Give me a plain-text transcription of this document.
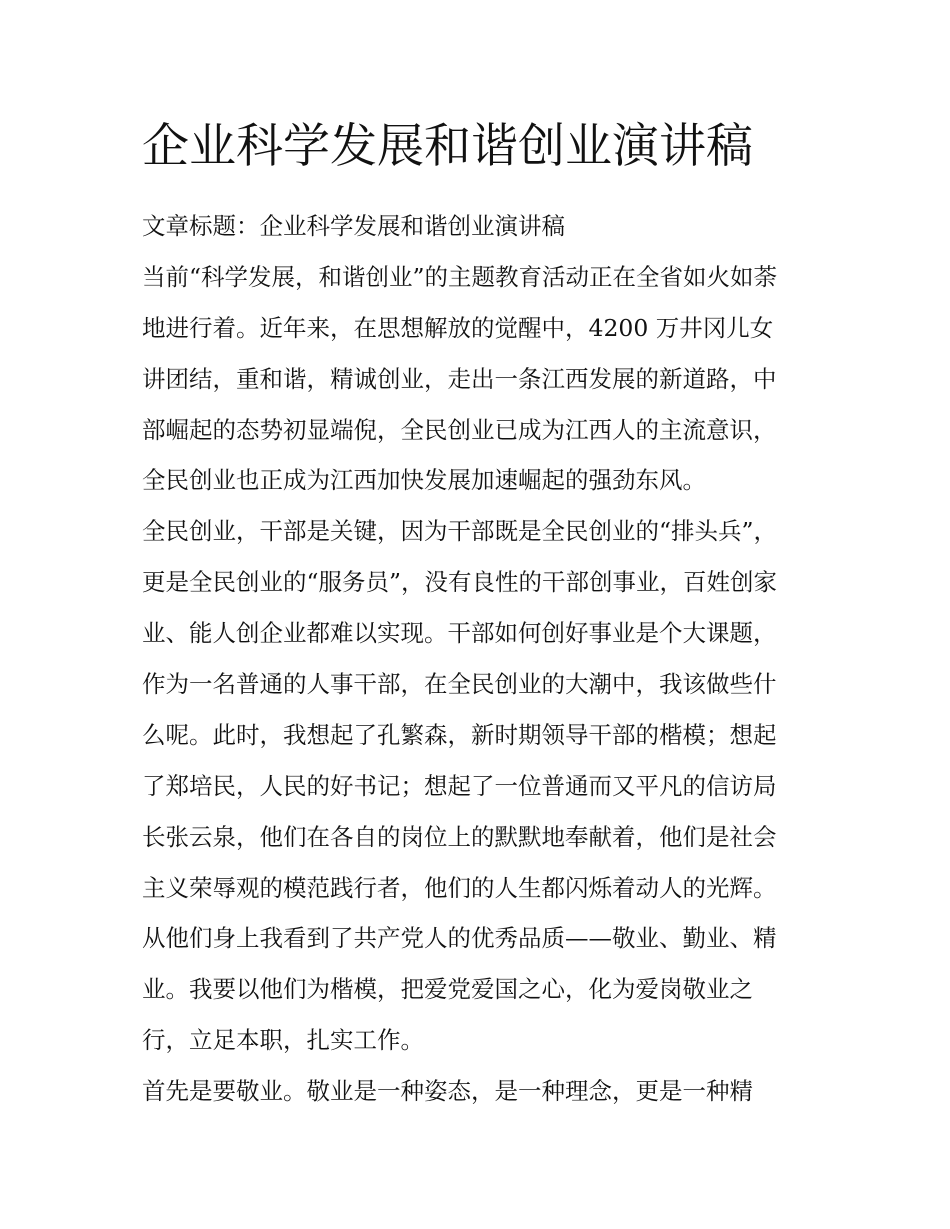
企业科学发展和谐创业演讲稿

文章标题：企业科学发展和谐创业演讲稿

当前“科学发展，和谐创业”的主题教育活动正在全省如火如荼

地进行着。近年来，在思想解放的觉醒中，4200 万井冈儿女

讲团结，重和谐，精诚创业，走出一条江西发展的新道路，中

部崛起的态势初显端倪，全民创业已成为江西人的主流意识，

全民创业也正成为江西加快发展加速崛起的强劲东风。

全民创业，干部是关键，因为干部既是全民创业的“排头兵”，

更是全民创业的“服务员”，没有良性的干部创事业，百姓创家

业、能人创企业都难以实现。干部如何创好事业是个大课题，

作为一名普通的人事干部，在全民创业的大潮中，我该做些什

么呢。此时，我想起了孔繁森，新时期领导干部的楷模；想起

了郑培民，人民的好书记；想起了一位普通而又平凡的信访局

长张云泉，他们在各自的岗位上的默默地奉献着，他们是社会

主义荣辱观的模范践行者，他们的人生都闪烁着动人的光辉。

从他们身上我看到了共产党人的优秀品质——敬业、勤业、精

业。我要以他们为楷模，把爱党爱国之心，化为爱岗敬业之

行，立足本职，扎实工作。

首先是要敬业。敬业是一种姿态，是一种理念，更是一种精
